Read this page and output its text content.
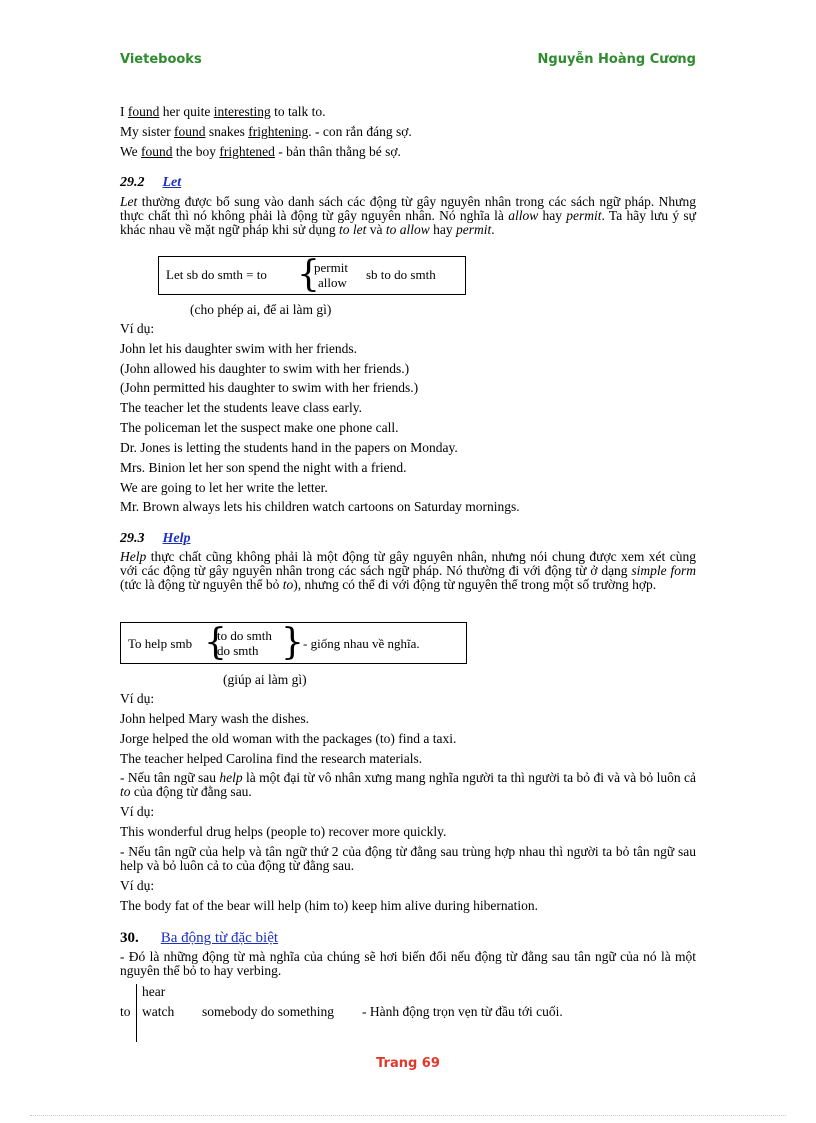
Vietebooks	Nguyễn Hoàng Cương
I found her quite interesting to talk to.
My sister found snakes frightening. - con rắn đáng sợ.
We found the boy frightened - bản thân thằng bé sợ.
29.2 Let
Let thường được bổ sung vào danh sách các động từ gây nguyên nhân trong các sách ngữ pháp. Nhưng thực chất thì nó không phải là động từ gây nguyên nhân. Nó nghĩa là allow hay permit. Ta hãy lưu ý sự khác nhau về mặt ngữ pháp khi sử dụng to let và to allow hay permit.
Let sb do smth = to {
permit
allow
sb to do smth
(cho phép ai, để ai làm gì)
Ví dụ:
John let his daughter swim with her friends.
(John allowed his daughter to swim with her friends.)
(John permitted his daughter to swim with her friends.)
The teacher let the students leave class early.
The policeman let the suspect make one phone call.
Dr. Jones is letting the students hand in the papers on Monday.
Mrs. Binion let her son spend the night with a friend.
We are going to let her write the letter.
Mr. Brown always lets his children watch cartoons on Saturday mornings.
29.3 Help
Help thực chất cũng không phải là một động từ gây nguyên nhân, nhưng nói chung được xem xét cùng với các động từ gây nguyên nhân trong các sách ngữ pháp. Nó thường đi với động từ ở dạng simple form (tức là động từ nguyên thể bỏ to), nhưng có thể đi với động từ nguyên thể trong một số trường hợp.
To help smb {
to do smth
do smth } - giống nhau về nghĩa.
(giúp ai làm gì)
Ví dụ:
John helped Mary wash the dishes.
Jorge helped the old woman with the packages (to) find a taxi.
The teacher helped Carolina find the research materials.
- Nếu tân ngữ sau help là một đại từ vô nhân xưng mang nghĩa người ta thì người ta bỏ đi và và bỏ luôn cả to của động từ đằng sau.
Ví dụ:
This wonderful drug helps (people to) recover more quickly.
- Nếu tân ngữ của help và tân ngữ thứ 2 của động từ đằng sau trùng hợp nhau thì người ta bỏ tân ngữ sau help và bỏ luôn cả to của động từ đằng sau.
Ví dụ:
The body fat of the bear will help (him to) keep him alive during hibernation.
30. Ba động từ đặc biệt
- Đó là những động từ mà nghĩa của chúng sẽ hơi biến đổi nếu động từ đằng sau tân ngữ của nó là một nguyên thể bỏ to hay verbing.
hear
to watch somebody do something - Hành động trọn vẹn từ đầu tới cuối.
Trang 69
